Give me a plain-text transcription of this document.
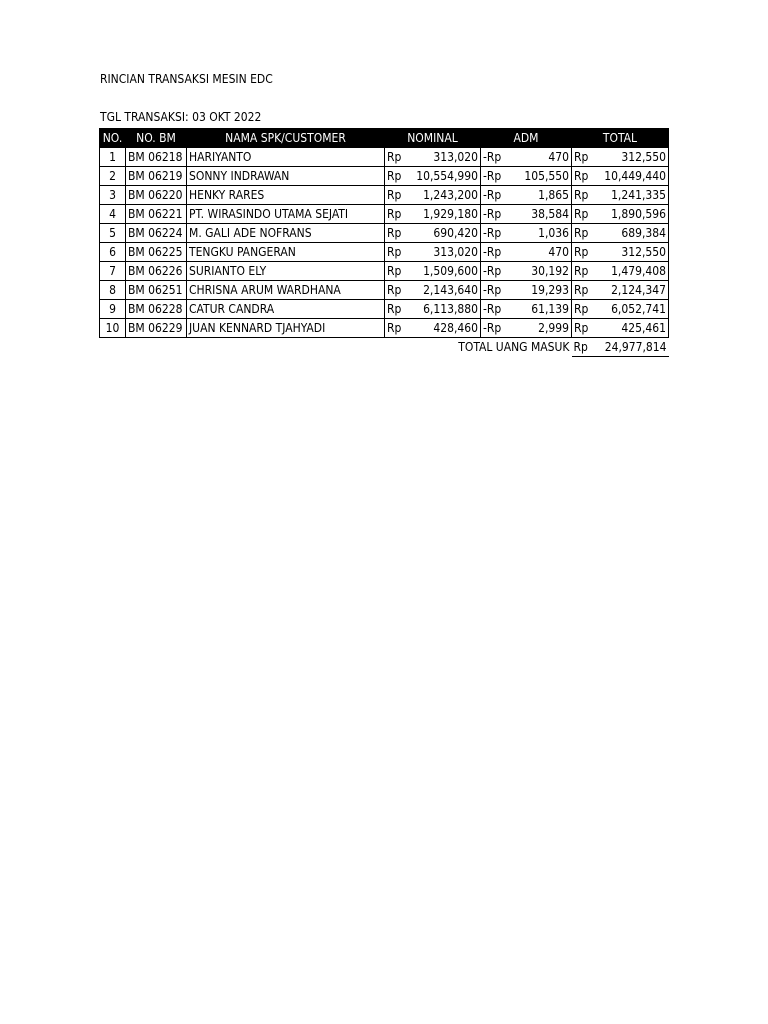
RINCIAN TRANSAKSI MESIN EDC
TGL TRANSAKSI: 03 OKT 2022
NO.	NO. BM	NAMA SPK/CUSTOMER	NOMINAL		ADM		TOTAL	
1	BM 06218	HARIYANTO	Rp	313,020	-Rp	470	Rp	312,550
2	BM 06219	SONNY INDRAWAN	Rp	10,554,990	-Rp	105,550	Rp	10,449,440
3	BM 06220	HENKY RARES	Rp	1,243,200	-Rp	1,865	Rp	1,241,335
4	BM 06221	PT. WIRASINDO UTAMA SEJATI	Rp	1,929,180	-Rp	38,584	Rp	1,890,596
5	BM 06224	M. GALI ADE NOFRANS	Rp	690,420	-Rp	1,036	Rp	689,384
6	BM 06225	TENGKU PANGERAN	Rp	313,020	-Rp	470	Rp	312,550
7	BM 06226	SURIANTO ELY	Rp	1,509,600	-Rp	30,192	Rp	1,479,408
8	BM 06251	CHRISNA ARUM WARDHANA	Rp	2,143,640	-Rp	19,293	Rp	2,124,347
9	BM 06228	CATUR CANDRA	Rp	6,113,880	-Rp	61,139	Rp	6,052,741
10	BM 06229	JUAN KENNARD TJAHYADI	Rp	428,460	-Rp	2,999	Rp	425,461
TOTAL UANG MASUK							Rp	24,977,814
